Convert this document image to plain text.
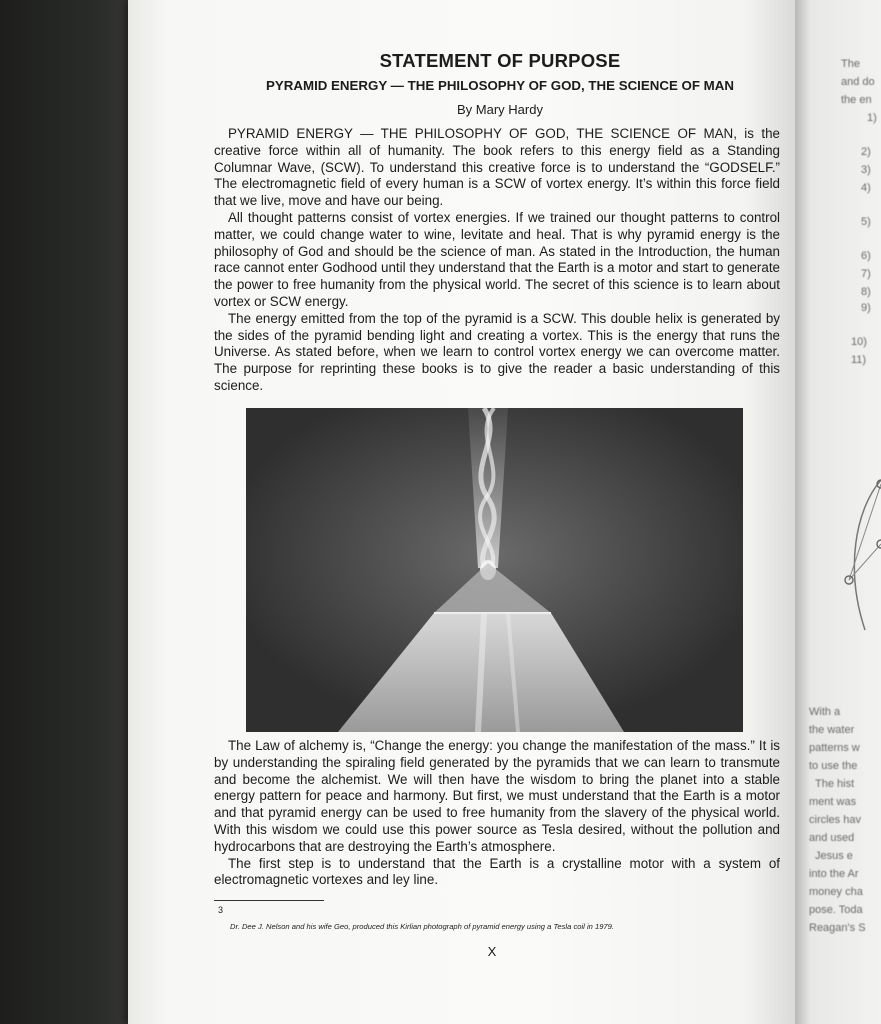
The
and do
the en
1)
2)
3)
4)
5)
6)
7)
8)
9)
10)
11)
With a
the water
patterns w
to use the
The hist
ment was
circles hav
and used
Jesus e
into the Ar
money cha
pose. Toda
Reagan's S
STATEMENT OF PURPOSE
PYRAMID ENERGY — THE PHILOSOPHY OF GOD, THE SCIENCE OF MAN
By Mary Hardy

PYRAMID ENERGY — THE PHILOSOPHY OF GOD, THE SCIENCE OF MAN, is the creative force within all of humanity. The book refers to this energy field as a Standing Columnar Wave, (SCW). To understand this creative force is to understand the “GODSELF.” The electromagnetic field of every human is a SCW of vortex energy. It’s within this force field that we live, move and have our being.

All thought patterns consist of vortex energies. If we trained our thought patterns to control matter, we could change water to wine, levitate and heal. That is why pyramid energy is the philosophy of God and should be the science of man. As stated in the Introduction, the human race cannot enter Godhood until they understand that the Earth is a motor and start to generate the power to free humanity from the physical world. The secret of this science is to learn about vortex or SCW energy.

The energy emitted from the top of the pyramid is a SCW. This double helix is generated by the sides of the pyramid bending light and creating a vortex. This is the energy that runs the Universe. As stated before, when we learn to control vortex energy we can overcome matter. The purpose for reprinting these books is to give the reader a basic understanding of this science.

The Law of alchemy is, “Change the energy: you change the manifestation of the mass.” It is by understanding the spiraling field generated by the pyramids that we can learn to transmute and become the alchemist. We will then have the wisdom to bring the planet into a stable energy pattern for peace and harmony. But first, we must understand that the Earth is a motor and that pyramid energy can be used to free humanity from the slavery of the physical world. With this wisdom we could use this power source as Tesla desired, without the pollution and hydrocarbons that are destroying the Earth’s atmosphere.

The first step is to understand that the Earth is a crystalline motor with a system of electromagnetic vortexes and ley line.

3
Dr. Dee J. Nelson and his wife Geo, produced this Kirlian photograph of pyramid energy using a Tesla coil in 1979.
X
